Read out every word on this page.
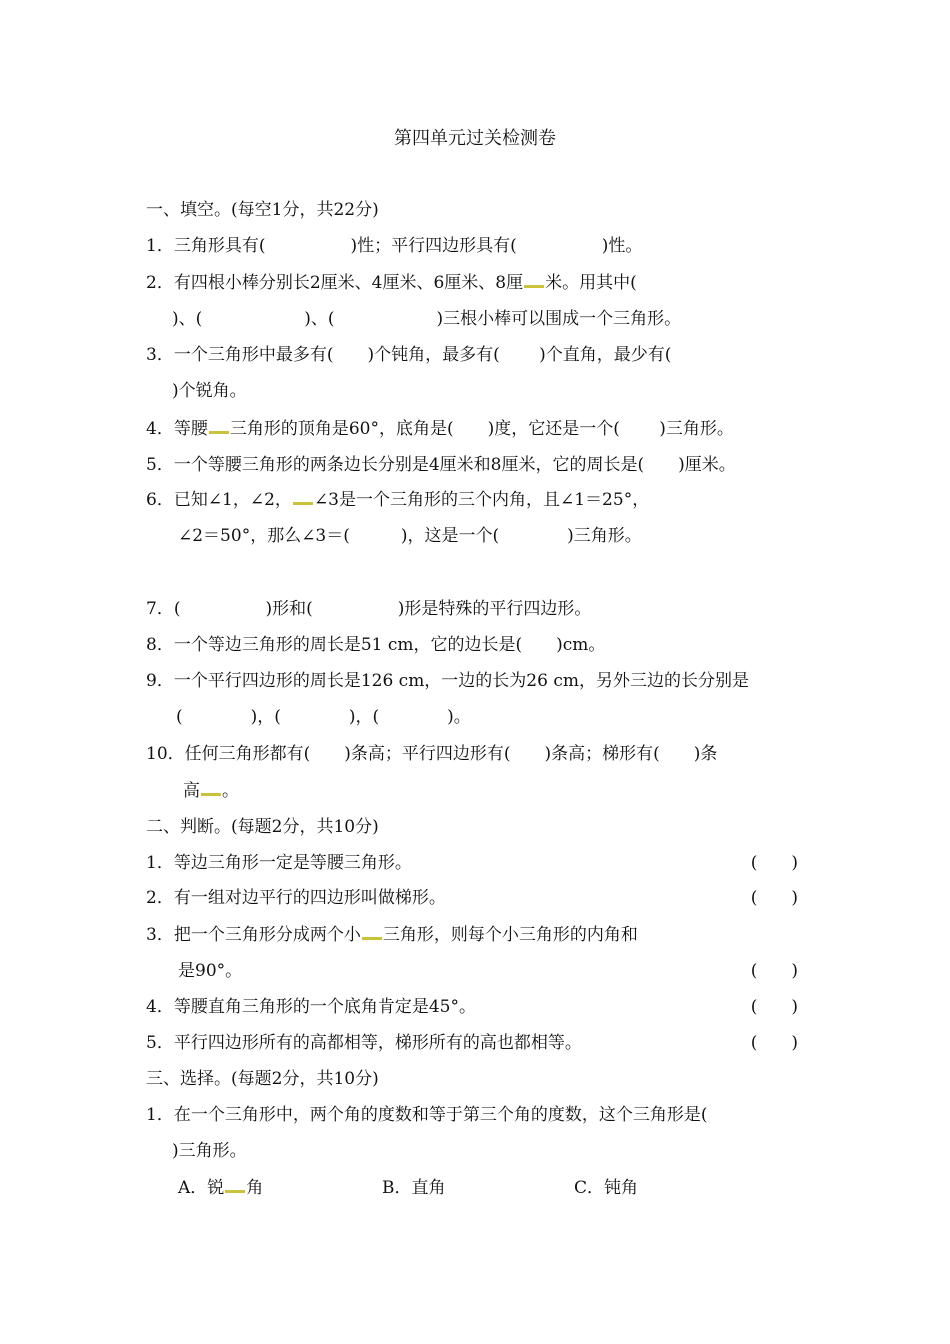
第四单元过关检测卷
一、填空。(每空1分，共22分)
1．三角形具有(　　　　　)性；平行四边形具有(　　　　　)性。
2．有四根小棒分别长2厘米、4厘米、6厘米、8厘 米。用其中(
)、(　　　　　　)、(　　　　　　)三根小棒可以围成一个三角形。
3．一个三角形中最多有(　　)个钝角，最多有(　　 )个直角，最少有(
)个锐角。
4．等腰 三角形的顶角是60°，底角是(　　)度，它还是一个(　　 )三角形。
5．一个等腰三角形的两条边长分别是4厘米和8厘米，它的周长是(　　)厘米。
6．已知∠1，∠2， ∠3是一个三角形的三个内角，且∠1＝25°，
∠2＝50°，那么∠3＝(　　　)，这是一个(　　　　)三角形。
7．(　　　　　)形和(　　　　　)形是特殊的平行四边形。
8．一个等边三角形的周长是51 cm，它的边长是(　　)cm。
9．一个平行四边形的周长是126 cm，一边的长为26 cm，另外三边的长分别是
(　　　　)，(　　　　)，(　　　　)。
10．任何三角形都有(　　)条高；平行四边形有(　　)条高；梯形有(　　)条
高 。
二、判断。(每题2分，共10分)
1．等边三角形一定是等腰三角形。	(　　)
2．有一组对边平行的四边形叫做梯形。	(　　)
3．把一个三角形分成两个小 三角形，则每个小三角形的内角和
是90°。	(　　)
4．等腰直角三角形的一个底角肯定是45°。	(　　)
5．平行四边形所有的高都相等，梯形所有的高也都相等。	(　　)
三、选择。(每题2分，共10分)
1．在一个三角形中，两个角的度数和等于第三个角的度数，这个三角形是(
)三角形。
A．锐 角	B．直角	C．钝角
